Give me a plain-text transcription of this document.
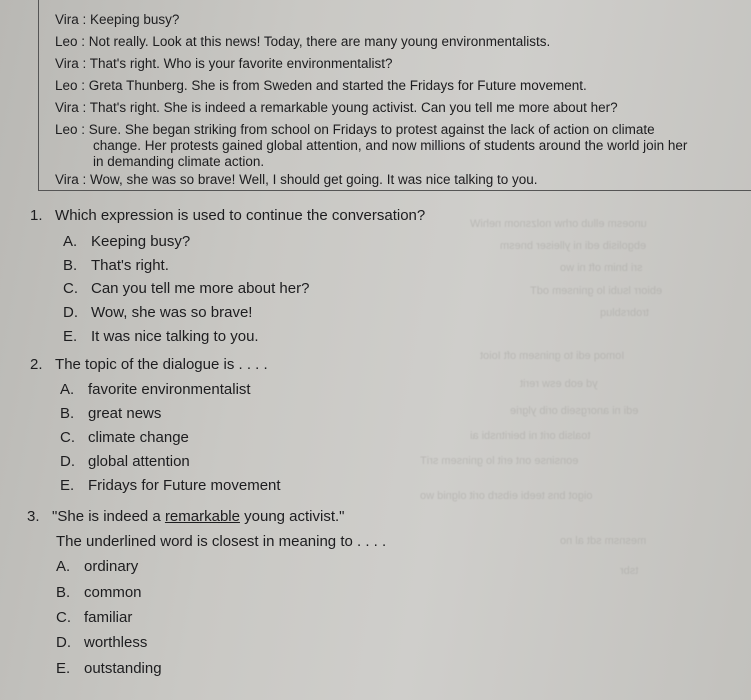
unoesm ellub orhw nolzsnom nehiW
ebgolisib edi ni ylleiser bnesm
sri bnim oft ni wo
ebiorr lsubi lo gninsem odT
trobrsbluq
Iomoq edi to gninsem oft Ioiot
yd eob esw rerit
edi ni anorgseib orib ylgrie
toalsib orit ni beiritnsbi ai
eonsinse ont erit lo gninsem sriT
oigot bns teebi eibsrb orit olgnid wo
mesnsm sdt al no
tsbr
Vira : Keeping busy?
Leo : Not really. Look at this news! Today, there are many young environmentalists.
Vira : That's right. Who is your favorite environmentalist?
Leo : Greta Thunberg. She is from Sweden and started the Fridays for Future movement.
Vira : That's right. She is indeed a remarkable young activist. Can you tell me more about her?
Leo : Sure. She began striking from school on Fridays to protest against the lack of action on climate
change. Her protests gained global attention, and now millions of students around the world join her
in demanding climate action.
Vira : Wow, she was so brave! Well, I should get going. It was nice talking to you.
1. Which expression is used to continue the conversation?
A. Keeping busy?
B. That's right.
C. Can you tell me more about her?
D. Wow, she was so brave!
E. It was nice talking to you.
2. The topic of the dialogue is . . . .
A. favorite environmentalist
B. great news
C. climate change
D. global attention
E. Fridays for Future movement
3. "She is indeed a remarkable young activist."
The underlined word is closest in meaning to . . . .
A. ordinary
B. common
C. familiar
D. worthless
E. outstanding
